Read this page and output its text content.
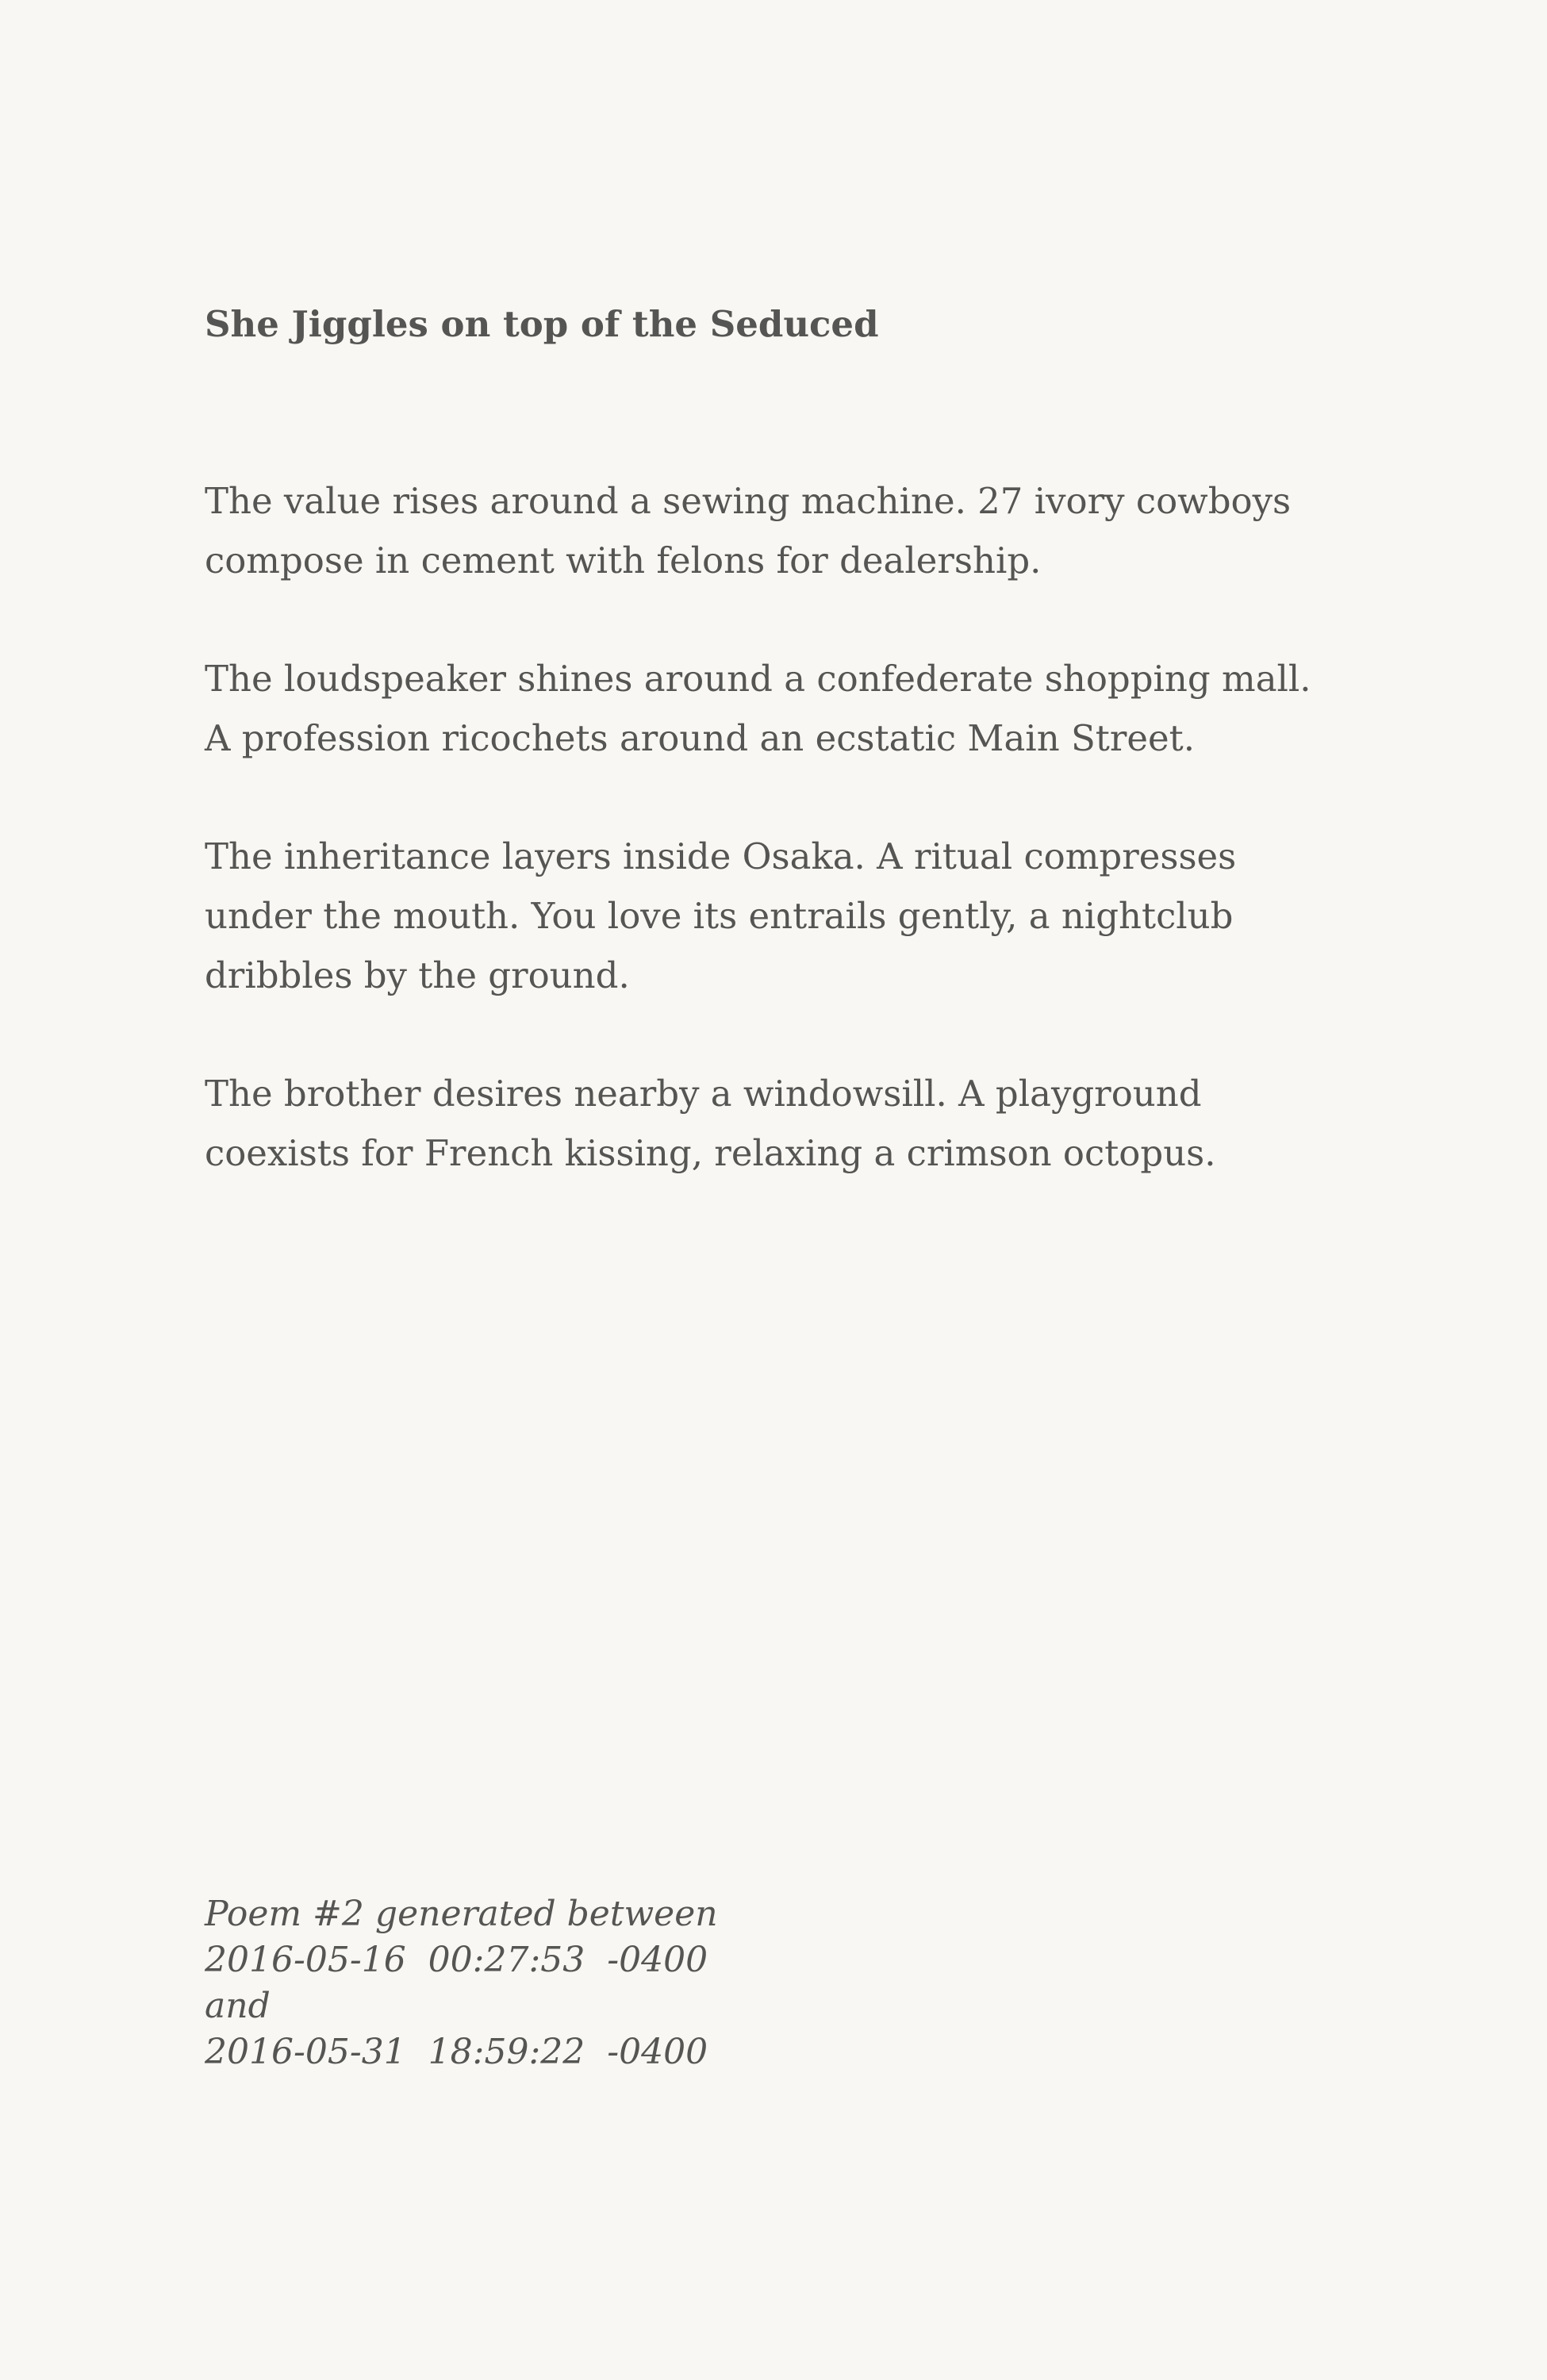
She Jiggles on top of the Seduced

The value rises around a sewing machine. 27 ivory cowboys
compose in cement with felons for dealership.

The loudspeaker shines around a confederate shopping mall.
A profession ricochets around an ecstatic Main Street.

The inheritance layers inside Osaka. A ritual compresses
under the mouth. You love its entrails gently, a nightclub
dribbles by the ground.

The brother desires nearby a windowsill. A playground
coexists for French kissing, relaxing a crimson octopus.

Poem #2 generated between
2016-05-16  00:27:53  -0400
and
2016-05-31  18:59:22  -0400
